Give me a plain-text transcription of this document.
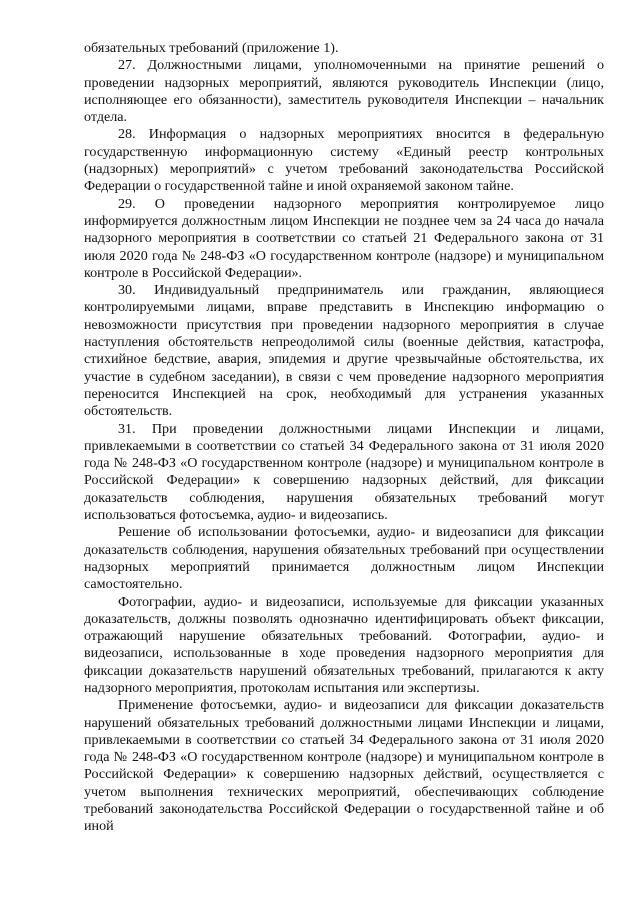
обязательных требований (приложение 1).

27. Должностными лицами, уполномоченными на принятие решений о проведении надзорных мероприятий, являются руководитель Инспекции (лицо, исполняющее его обязанности), заместитель руководителя Инспекции – начальник отдела.

28. Информация о надзорных мероприятиях вносится в федеральную государственную информационную систему «Единый реестр контрольных (надзорных) мероприятий» с учетом требований законодательства Российской Федерации о государственной тайне и иной охраняемой законом тайне.

29. О проведении надзорного мероприятия контролируемое лицо информируется должностным лицом Инспекции не позднее чем за 24 часа до начала надзорного мероприятия в соответствии со статьей 21 Федерального закона от 31 июля 2020 года № 248-ФЗ «О государственном контроле (надзоре) и муниципальном контроле в Российской Федерации».

30. Индивидуальный предприниматель или гражданин, являющиеся контролируемыми лицами, вправе представить в Инспекцию информацию о невозможности присутствия при проведении надзорного мероприятия в случае наступления обстоятельств непреодолимой силы (военные действия, катастрофа, стихийное бедствие, авария, эпидемия и другие чрезвычайные обстоятельства, их участие в судебном заседании), в связи с чем проведение надзорного мероприятия переносится Инспекцией на срок, необходимый для устранения указанных обстоятельств.

31. При проведении должностными лицами Инспекции и лицами, привлекаемыми в соответствии со статьей 34 Федерального закона от 31 июля 2020 года № 248-ФЗ «О государственном контроле (надзоре) и муниципальном контроле в Российской Федерации» к совершению надзорных действий, для фиксации доказательств соблюдения, нарушения обязательных требований могут использоваться фотосъемка, аудио- и видеозапись.

Решение об использовании фотосъемки, аудио- и видеозаписи для фиксации доказательств соблюдения, нарушения обязательных требований при осуществлении надзорных мероприятий принимается должностным лицом Инспекции самостоятельно.

Фотографии, аудио- и видеозаписи, используемые для фиксации указанных доказательств, должны позволять однозначно идентифицировать объект фиксации, отражающий нарушение обязательных требований. Фотографии, аудио- и видеозаписи, использованные в ходе проведения надзорного мероприятия для фиксации доказательств нарушений обязательных требований, прилагаются к акту надзорного мероприятия, протоколам испытания или экспертизы.

Применение фотосъемки, аудио- и видеозаписи для фиксации доказательств нарушений обязательных требований должностными лицами Инспекции и лицами, привлекаемыми в соответствии со статьей 34 Федерального закона от 31 июля 2020 года № 248-ФЗ «О государственном контроле (надзоре) и муниципальном контроле в Российской Федерации» к совершению надзорных действий, осуществляется с учетом выполнения технических мероприятий, обеспечивающих соблюдение требований законодательства Российской Федерации о государственной тайне и об иной
